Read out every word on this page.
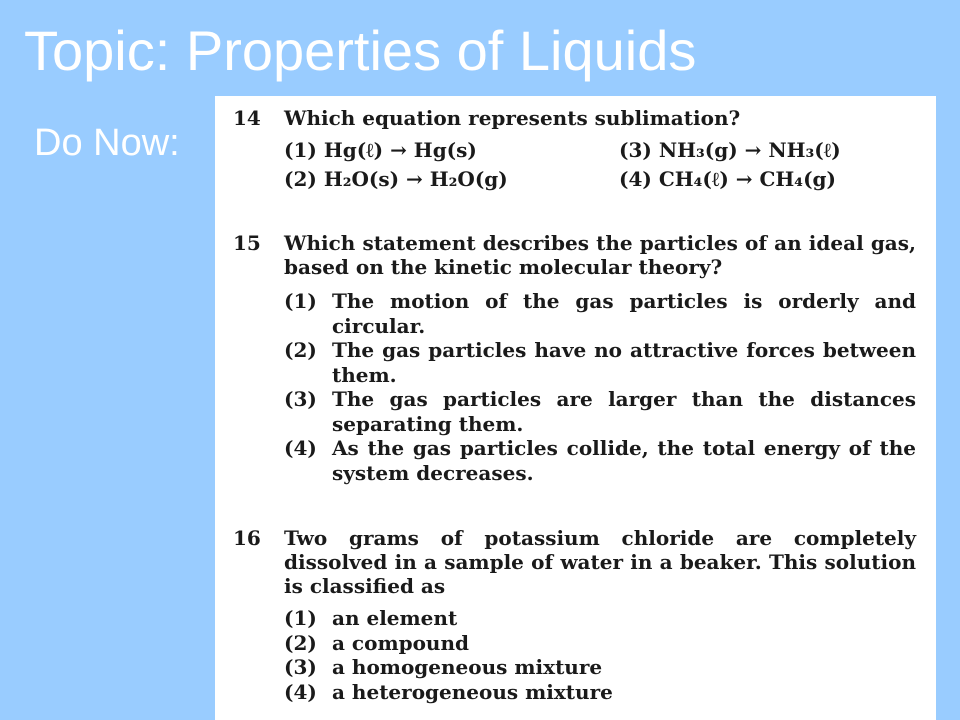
Topic: Properties of Liquids
Do Now:
14 Which equation represents sublimation?
(1) Hg(ℓ) → Hg(s)
(2) H₂O(s) → H₂O(g)
(3) NH₃(g) → NH₃(ℓ)
(4) CH₄(ℓ) → CH₄(g)
15 Which statement describes the particles of an ideal gas, based on the kinetic molecular theory?
(1) The motion of the gas particles is orderly and circular.
(2) The gas particles have no attractive forces between them.
(3) The gas particles are larger than the distances separating them.
(4) As the gas particles collide, the total energy of the system decreases.
16 Two grams of potassium chloride are completely dissolved in a sample of water in a beaker. This solution is classified as
(1) an element
(2) a compound
(3) a homogeneous mixture
(4) a heterogeneous mixture
